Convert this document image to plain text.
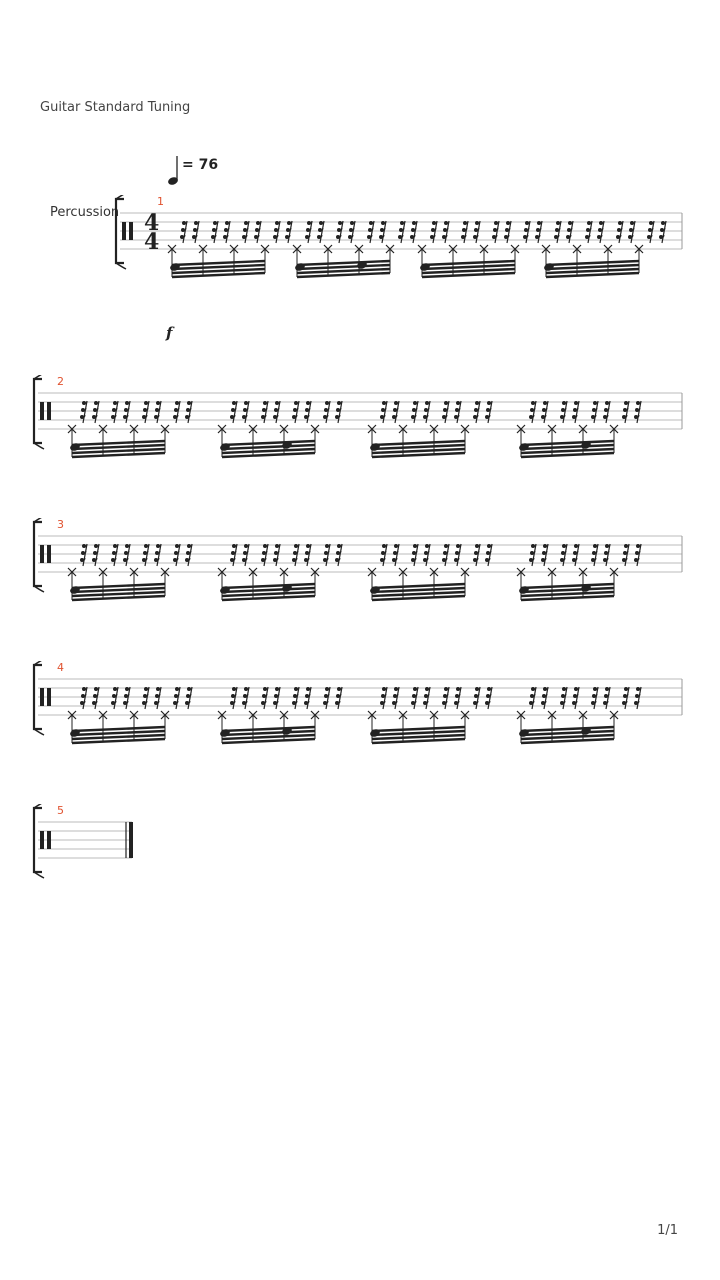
Guitar Standard Tuning
= 76
Percussion
f
1
4
4
2
3
4
5
1/1
